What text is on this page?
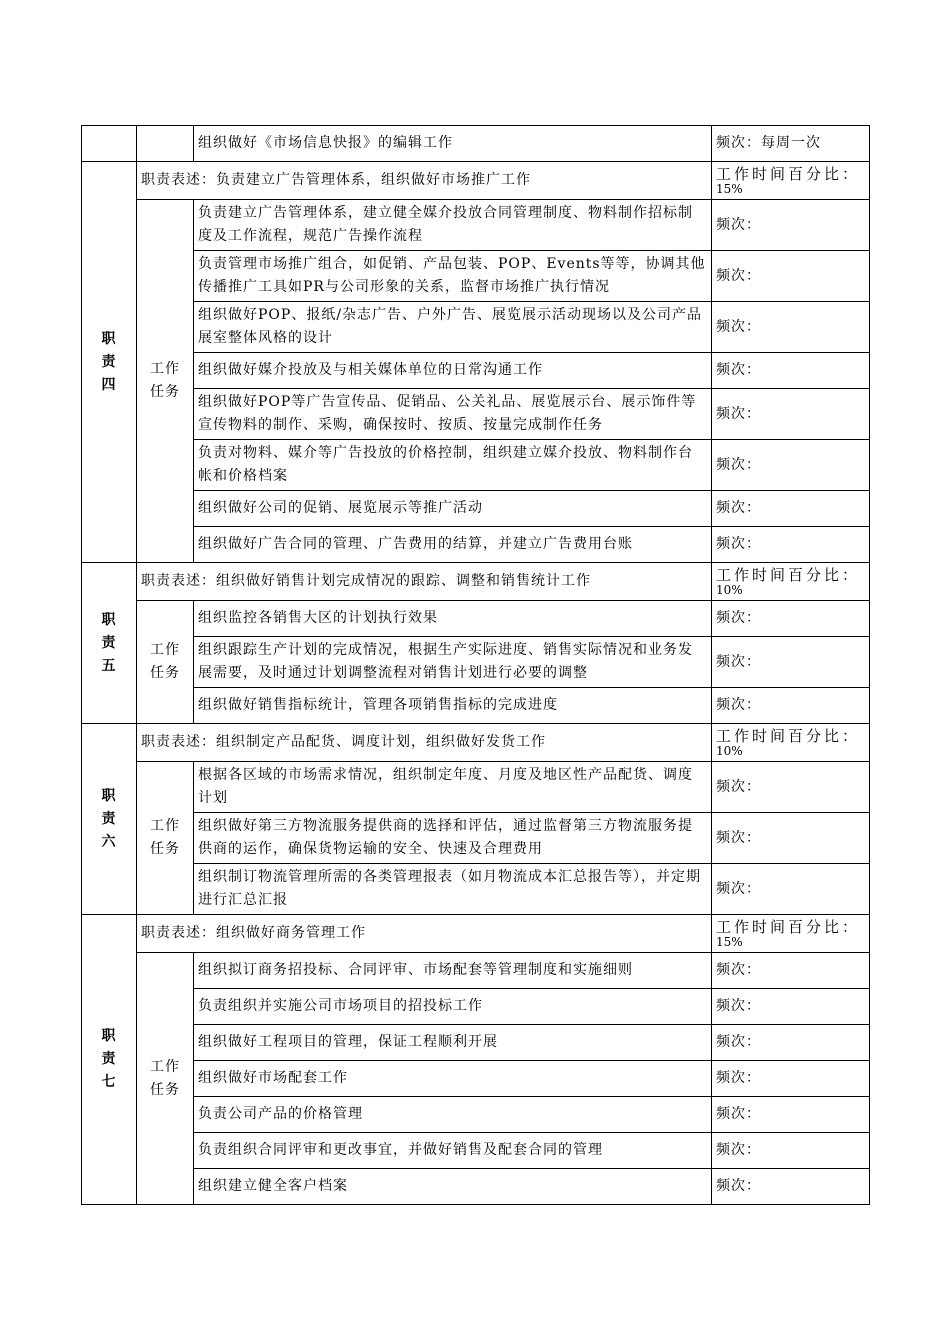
		组织做好《市场信息快报》的编辑工作	频次：每周一次

职
责
四	职责表述：负责建立广告管理体系，组织做好市场推广工作		工作时间百分比：
15%

	工作
任务	负责建立广告管理体系，建立健全媒介投放合同管理制度、物料制作招标制度及工作流程，规范广告操作流程	频次：
		负责管理市场推广组合，如促销、产品包装、POP、Events等等，协调其他传播推广工具如PR与公司形象的关系，监督市场推广执行情况	频次：
		组织做好POP、报纸/杂志广告、户外广告、展览展示活动现场以及公司产品展室整体风格的设计	频次：
		组织做好媒介投放及与相关媒体单位的日常沟通工作	频次：
		组织做好POP等广告宣传品、促销品、公关礼品、展览展示台、展示饰件等宣传物料的制作、采购，确保按时、按质、按量完成制作任务	频次：
		负责对物料、媒介等广告投放的价格控制，组织建立媒介投放、物料制作台帐和价格档案	频次：
		组织做好公司的促销、展览展示等推广活动	频次：
		组织做好广告合同的管理、广告费用的结算，并建立广告费用台账	频次：

职
责
五	职责表述：组织做好销售计划完成情况的跟踪、调整和销售统计工作		工作时间百分比：
10%

	工作
任务	组织监控各销售大区的计划执行效果	频次：
		组织跟踪生产计划的完成情况，根据生产实际进度、销售实际情况和业务发展需要，及时通过计划调整流程对销售计划进行必要的调整	频次：
		组织做好销售指标统计，管理各项销售指标的完成进度	频次：

职
责
六	职责表述：组织制定产品配货、调度计划，组织做好发货工作		工作时间百分比：
10%

	工作
任务	根据各区域的市场需求情况，组织制定年度、月度及地区性产品配货、调度计划	频次：
		组织做好第三方物流服务提供商的选择和评估，通过监督第三方物流服务提供商的运作，确保货物运输的安全、快速及合理费用	频次：
		组织制订物流管理所需的各类管理报表（如月物流成本汇总报告等），并定期进行汇总汇报	频次：

职
责
七	职责表述：组织做好商务管理工作		工作时间百分比：
15%

	工作
任务	组织拟订商务招投标、合同评审、市场配套等管理制度和实施细则	频次：
		负责组织并实施公司市场项目的招投标工作	频次：
		组织做好工程项目的管理，保证工程顺利开展	频次：
		组织做好市场配套工作	频次：
		负责公司产品的价格管理	频次：
		负责组织合同评审和更改事宜，并做好销售及配套合同的管理	频次：
		组织建立健全客户档案	频次：
